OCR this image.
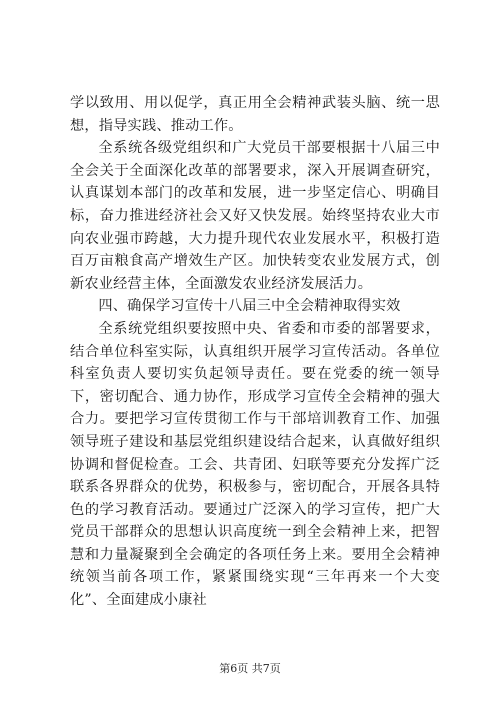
学以致用、用以促学，真正用全会精神武装头脑、统一思想，指导实践、推动工作。

全系统各级党组织和广大党员干部要根据十八届三中全会关于全面深化改革的部署要求，深入开展调查研究，认真谋划本部门的改革和发展，进一步坚定信心、明确目标，奋力推进经济社会又好又快发展。始终坚持农业大市向农业强市跨越，大力提升现代农业发展水平，积极打造百万亩粮食高产增效生产区。加快转变农业发展方式，创新农业经营主体，全面激发农业经济发展活力。

四、确保学习宣传十八届三中全会精神取得实效

全系统党组织要按照中央、省委和市委的部署要求，结合单位科室实际，认真组织开展学习宣传活动。各单位科室负责人要切实负起领导责任。要在党委的统一领导下，密切配合、通力协作，形成学习宣传全会精神的强大合力。要把学习宣传贯彻工作与干部培训教育工作、加强领导班子建设和基层党组织建设结合起来，认真做好组织协调和督促检查。工会、共青团、妇联等要充分发挥广泛联系各界群众的优势，积极参与，密切配合，开展各具特色的学习教育活动。要通过广泛深入的学习宣传，把广大党员干部群众的思想认识高度统一到全会精神上来，把智慧和力量凝聚到全会确定的各项任务上来。要用全会精神统领当前各项工作，紧紧围绕实现“三年再来一个大变化”、全面建成小康社

第6页 共7页
